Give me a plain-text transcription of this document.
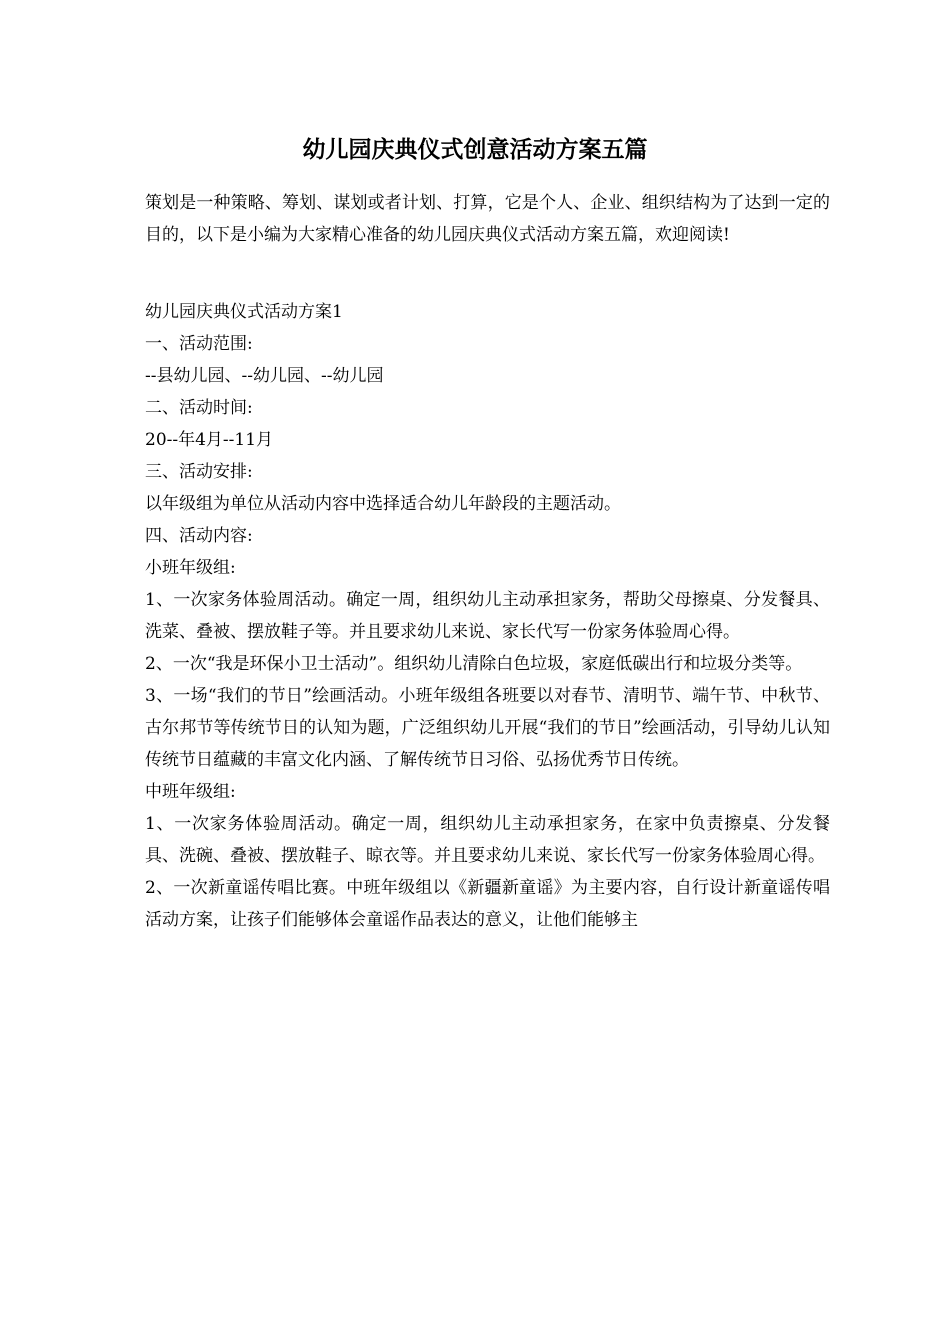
幼儿园庆典仪式创意活动方案五篇

策划是一种策略、筹划、谋划或者计划、打算，它是个人、企业、组织结构为了达到一定的目的，以下是小编为大家精心准备的幼儿园庆典仪式活动方案五篇，欢迎阅读!

幼儿园庆典仪式活动方案1

一、活动范围:

--县幼儿园、--幼儿园、--幼儿园

二、活动时间:

20--年4月--11月

三、活动安排:

以年级组为单位从活动内容中选择适合幼儿年龄段的主题活动。

四、活动内容:

小班年级组:

1、一次家务体验周活动。确定一周，组织幼儿主动承担家务，帮助父母擦桌、分发餐具、洗菜、叠被、摆放鞋子等。并且要求幼儿来说、家长代写一份家务体验周心得。

2、一次“我是环保小卫士活动”。组织幼儿清除白色垃圾，家庭低碳出行和垃圾分类等。

3、一场“我们的节日”绘画活动。小班年级组各班要以对春节、清明节、端午节、中秋节、古尔邦节等传统节日的认知为题，广泛组织幼儿开展“我们的节日”绘画活动，引导幼儿认知传统节日蕴藏的丰富文化内涵、了解传统节日习俗、弘扬优秀节日传统。

中班年级组:

1、一次家务体验周活动。确定一周，组织幼儿主动承担家务，在家中负责擦桌、分发餐具、洗碗、叠被、摆放鞋子、晾衣等。并且要求幼儿来说、家长代写一份家务体验周心得。

2、一次新童谣传唱比赛。中班年级组以《新疆新童谣》为主要内容，自行设计新童谣传唱活动方案，让孩子们能够体会童谣作品表达的意义，让他们能够主
